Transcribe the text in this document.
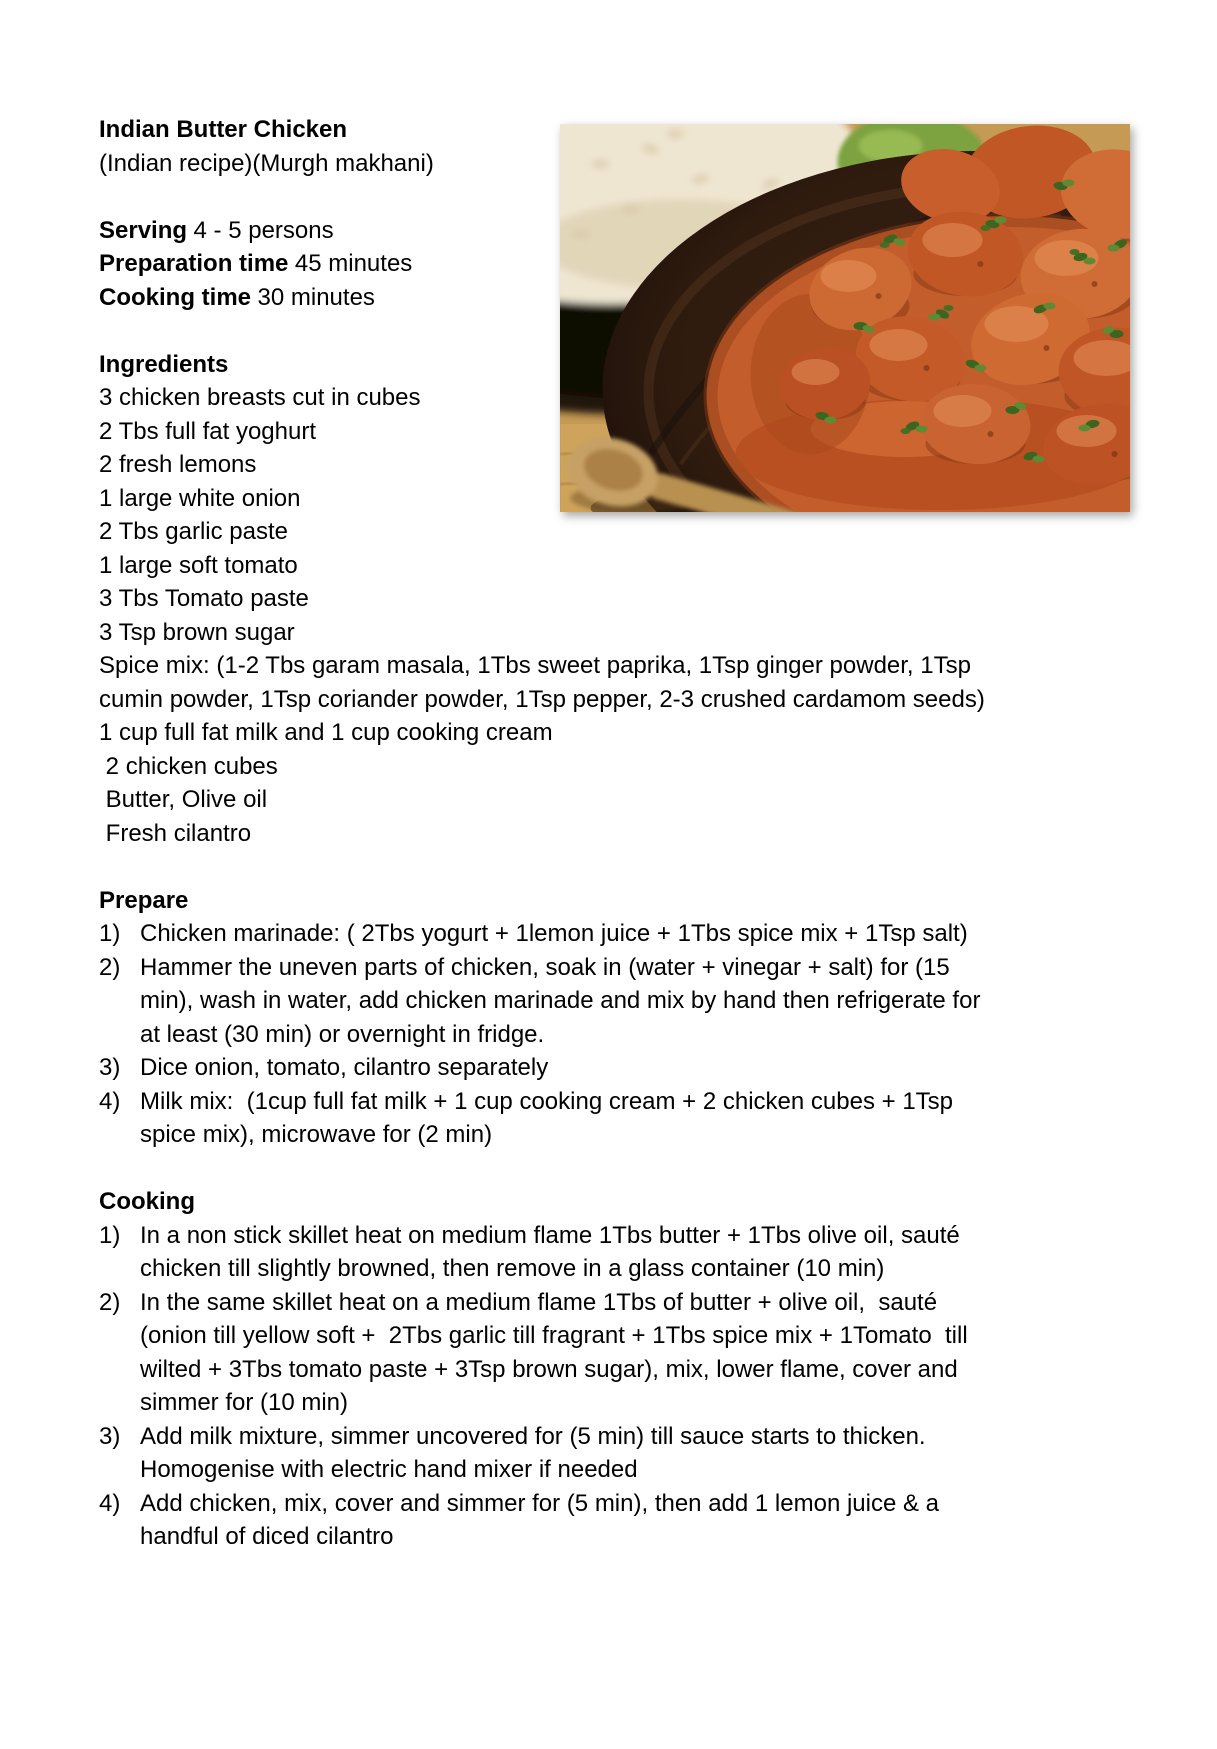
Indian Butter Chicken
(Indian recipe)(Murgh makhani)
Serving 4 - 5 persons
Preparation time 45 minutes
Cooking time 30 minutes
Ingredients
3 chicken breasts cut in cubes
2 Tbs full fat yoghurt
2 fresh lemons
1 large white onion
2 Tbs garlic paste
1 large soft tomato
3 Tbs Tomato paste
3 Tsp brown sugar
Spice mix: (1-2 Tbs garam masala, 1Tbs sweet paprika, 1Tsp ginger powder, 1Tsp cumin powder, 1Tsp coriander powder, 1Tsp pepper, 2-3 crushed cardamom seeds)
1 cup full fat milk and 1 cup cooking cream
2 chicken cubes
Butter, Olive oil
Fresh cilantro
Prepare
Chicken marinade: ( 2Tbs yogurt + 1lemon juice + 1Tbs spice mix + 1Tsp salt)
Hammer the uneven parts of chicken, soak in (water + vinegar + salt) for (15 min), wash in water, add chicken marinade and mix by hand then refrigerate for at least (30 min) or overnight in fridge.
Dice onion, tomato, cilantro separately
Milk mix:  (1cup full fat milk + 1 cup cooking cream + 2 chicken cubes + 1Tsp spice mix), microwave for (2 min)
Cooking
In a non stick skillet heat on medium flame 1Tbs butter + 1Tbs olive oil, sauté chicken till slightly browned, then remove in a glass container (10 min)
In the same skillet heat on a medium flame 1Tbs of butter + olive oil,  sauté (onion till yellow soft +  2Tbs garlic till fragrant + 1Tbs spice mix + 1Tomato  till wilted + 3Tbs tomato paste + 3Tsp brown sugar), mix, lower flame, cover and simmer for (10 min)
Add milk mixture, simmer uncovered for (5 min) till sauce starts to thicken. Homogenise with electric hand mixer if needed
Add chicken, mix, cover and simmer for (5 min), then add 1 lemon juice & a handful of diced cilantro
